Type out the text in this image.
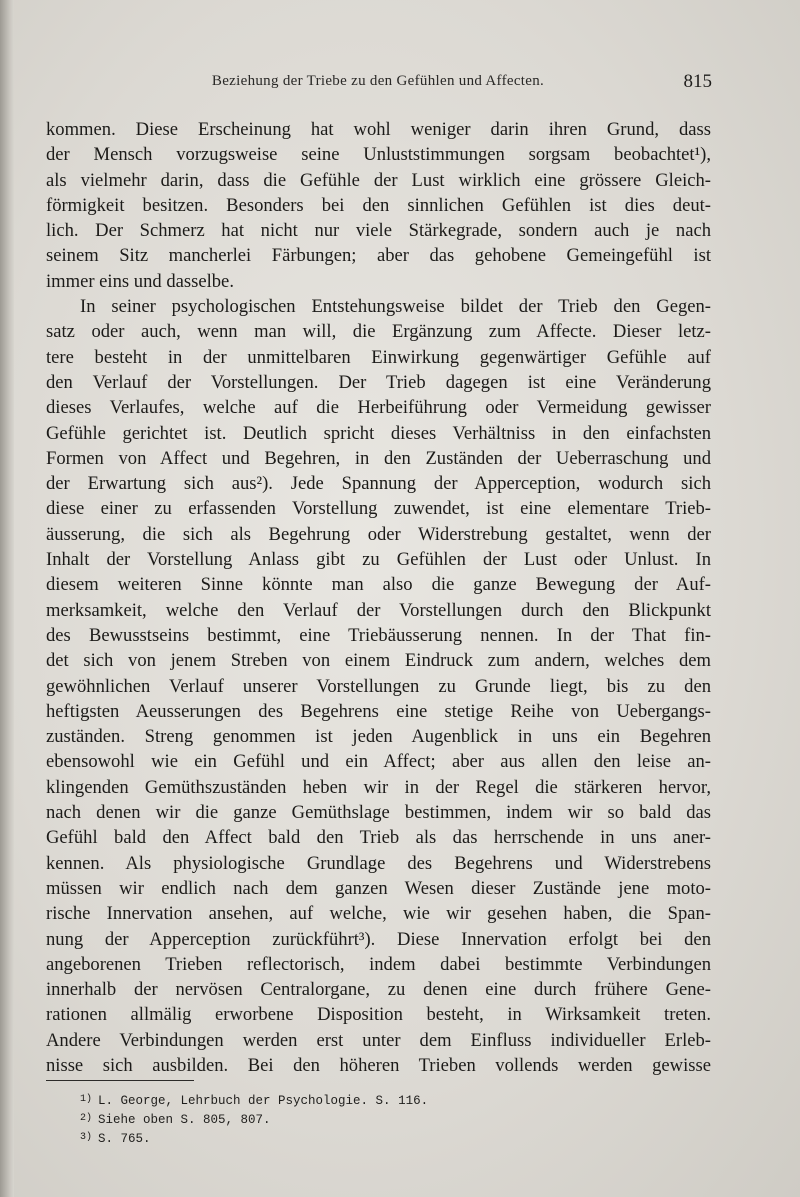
Beziehung der Triebe zu den Gefühlen und Affecten.	815
kommen. Diese Erscheinung hat wohl weniger darin ihren Grund, dass
der Mensch vorzugsweise seine Unluststimmungen sorgsam beobachtet¹),
als vielmehr darin, dass die Gefühle der Lust wirklich eine grössere Gleich-
förmigkeit besitzen. Besonders bei den sinnlichen Gefühlen ist dies deut-
lich. Der Schmerz hat nicht nur viele Stärkegrade, sondern auch je nach
seinem Sitz mancherlei Färbungen; aber das gehobene Gemeingefühl ist
immer eins und dasselbe.
In seiner psychologischen Entstehungsweise bildet der Trieb den Gegen-
satz oder auch, wenn man will, die Ergänzung zum Affecte. Dieser letz-
tere besteht in der unmittelbaren Einwirkung gegenwärtiger Gefühle auf
den Verlauf der Vorstellungen. Der Trieb dagegen ist eine Veränderung
dieses Verlaufes, welche auf die Herbeiführung oder Vermeidung gewisser
Gefühle gerichtet ist. Deutlich spricht dieses Verhältniss in den einfachsten
Formen von Affect und Begehren, in den Zuständen der Ueberraschung und
der Erwartung sich aus²). Jede Spannung der Apperception, wodurch sich
diese einer zu erfassenden Vorstellung zuwendet, ist eine elementare Trieb-
äusserung, die sich als Begehrung oder Widerstrebung gestaltet, wenn der
Inhalt der Vorstellung Anlass gibt zu Gefühlen der Lust oder Unlust. In
diesem weiteren Sinne könnte man also die ganze Bewegung der Auf-
merksamkeit, welche den Verlauf der Vorstellungen durch den Blickpunkt
des Bewusstseins bestimmt, eine Triebäusserung nennen. In der That fin-
det sich von jenem Streben von einem Eindruck zum andern, welches dem
gewöhnlichen Verlauf unserer Vorstellungen zu Grunde liegt, bis zu den
heftigsten Aeusserungen des Begehrens eine stetige Reihe von Uebergangs-
zuständen. Streng genommen ist jeden Augenblick in uns ein Begehren
ebensowohl wie ein Gefühl und ein Affect; aber aus allen den leise an-
klingenden Gemüthszuständen heben wir in der Regel die stärkeren hervor,
nach denen wir die ganze Gemüthslage bestimmen, indem wir so bald das
Gefühl bald den Affect bald den Trieb als das herrschende in uns aner-
kennen. Als physiologische Grundlage des Begehrens und Widerstrebens
müssen wir endlich nach dem ganzen Wesen dieser Zustände jene moto-
rische Innervation ansehen, auf welche, wie wir gesehen haben, die Span-
nung der Apperception zurückführt³). Diese Innervation erfolgt bei den
angeborenen Trieben reflectorisch, indem dabei bestimmte Verbindungen
innerhalb der nervösen Centralorgane, zu denen eine durch frühere Gene-
rationen allmälig erworbene Disposition besteht, in Wirksamkeit treten.
Andere Verbindungen werden erst unter dem Einfluss individueller Erleb-
nisse sich ausbilden. Bei den höheren Trieben vollends werden gewisse
$^{1)}$ L. George, Lehrbuch der Psychologie. S. 116.
$^{2)}$ Siehe oben S. 805, 807.
$^{3)}$ S. 765.
